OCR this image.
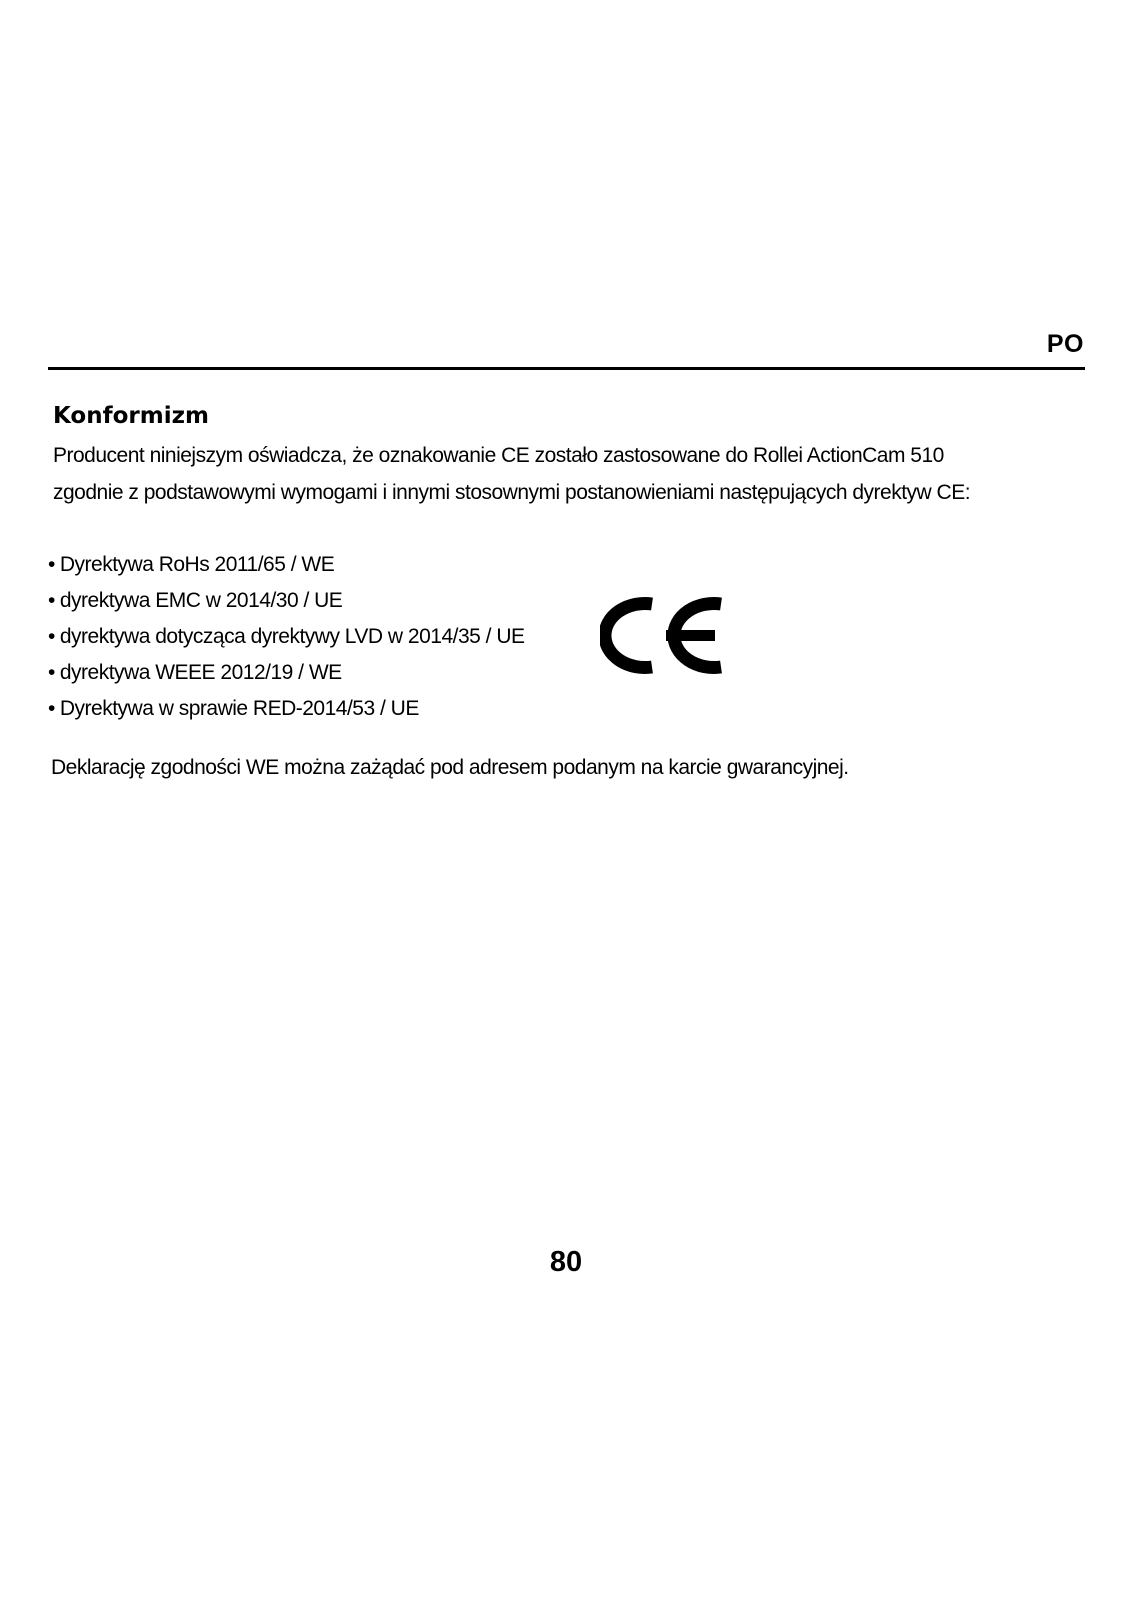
PO
Konformizm

Producent niniejszym oświadcza, że oznakowanie CE zostało zastosowane do Rollei ActionCam 510

zgodnie z podstawowymi wymogami i innymi stosownymi postanowieniami następujących dyrektyw CE:

• Dyrektywa RoHs 2011/65 / WE
• dyrektywa EMC w 2014/30 / UE
• dyrektywa dotycząca dyrektywy LVD w 2014/35 / UE
• dyrektywa WEEE 2012/19 / WE
• Dyrektywa w sprawie RED-2014/53 / UE
Deklarację zgodności WE można zażądać pod adresem podanym na karcie gwarancyjnej.
80
